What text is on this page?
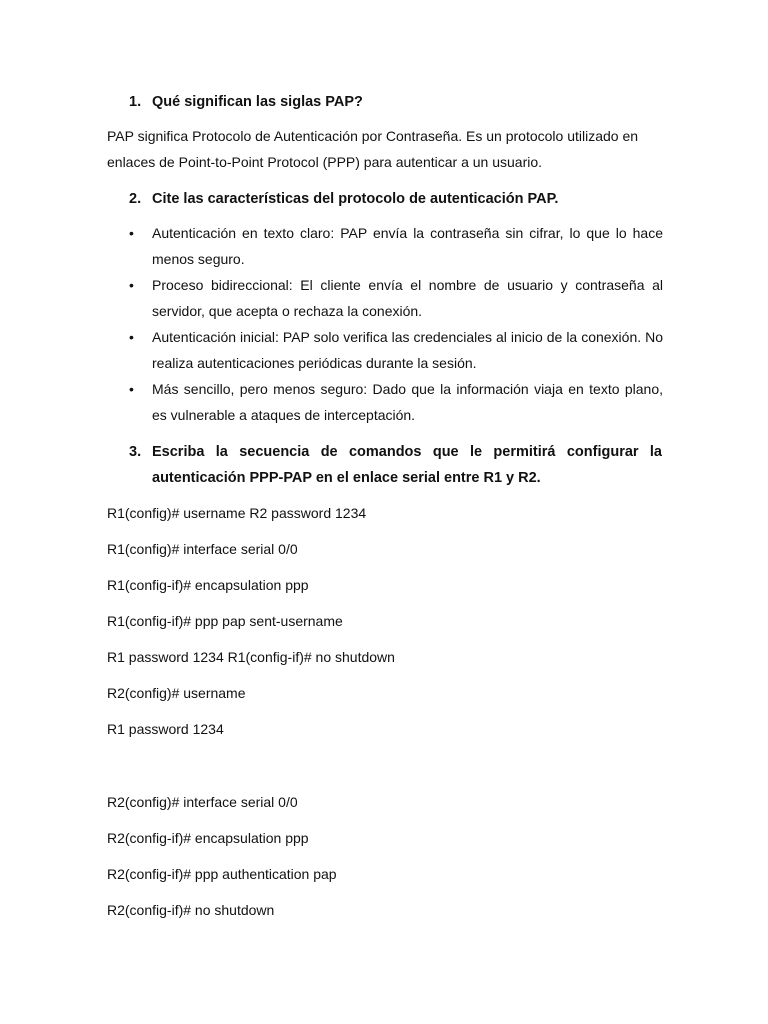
1. Qué significan las siglas PAP?
PAP significa Protocolo de Autenticación por Contraseña. Es un protocolo utilizado en enlaces de Point-to-Point Protocol (PPP) para autenticar a un usuario.
2. Cite las características del protocolo de autenticación PAP.
• Autenticación en texto claro: PAP envía la contraseña sin cifrar, lo que lo hace menos seguro.
• Proceso bidireccional: El cliente envía el nombre de usuario y contraseña al servidor, que acepta o rechaza la conexión.
• Autenticación inicial: PAP solo verifica las credenciales al inicio de la conexión. No realiza autenticaciones periódicas durante la sesión.
• Más sencillo, pero menos seguro: Dado que la información viaja en texto plano, es vulnerable a ataques de interceptación.
3. Escriba la secuencia de comandos que le permitirá configurar la autenticación PPP-PAP en el enlace serial entre R1 y R2.
R1(config)# username R2 password 1234
R1(config)# interface serial 0/0
R1(config-if)# encapsulation ppp
R1(config-if)# ppp pap sent-username
R1 password 1234 R1(config-if)# no shutdown
R2(config)# username
R1 password 1234
R2(config)# interface serial 0/0
R2(config-if)# encapsulation ppp
R2(config-if)# ppp authentication pap
R2(config-if)# no shutdown
